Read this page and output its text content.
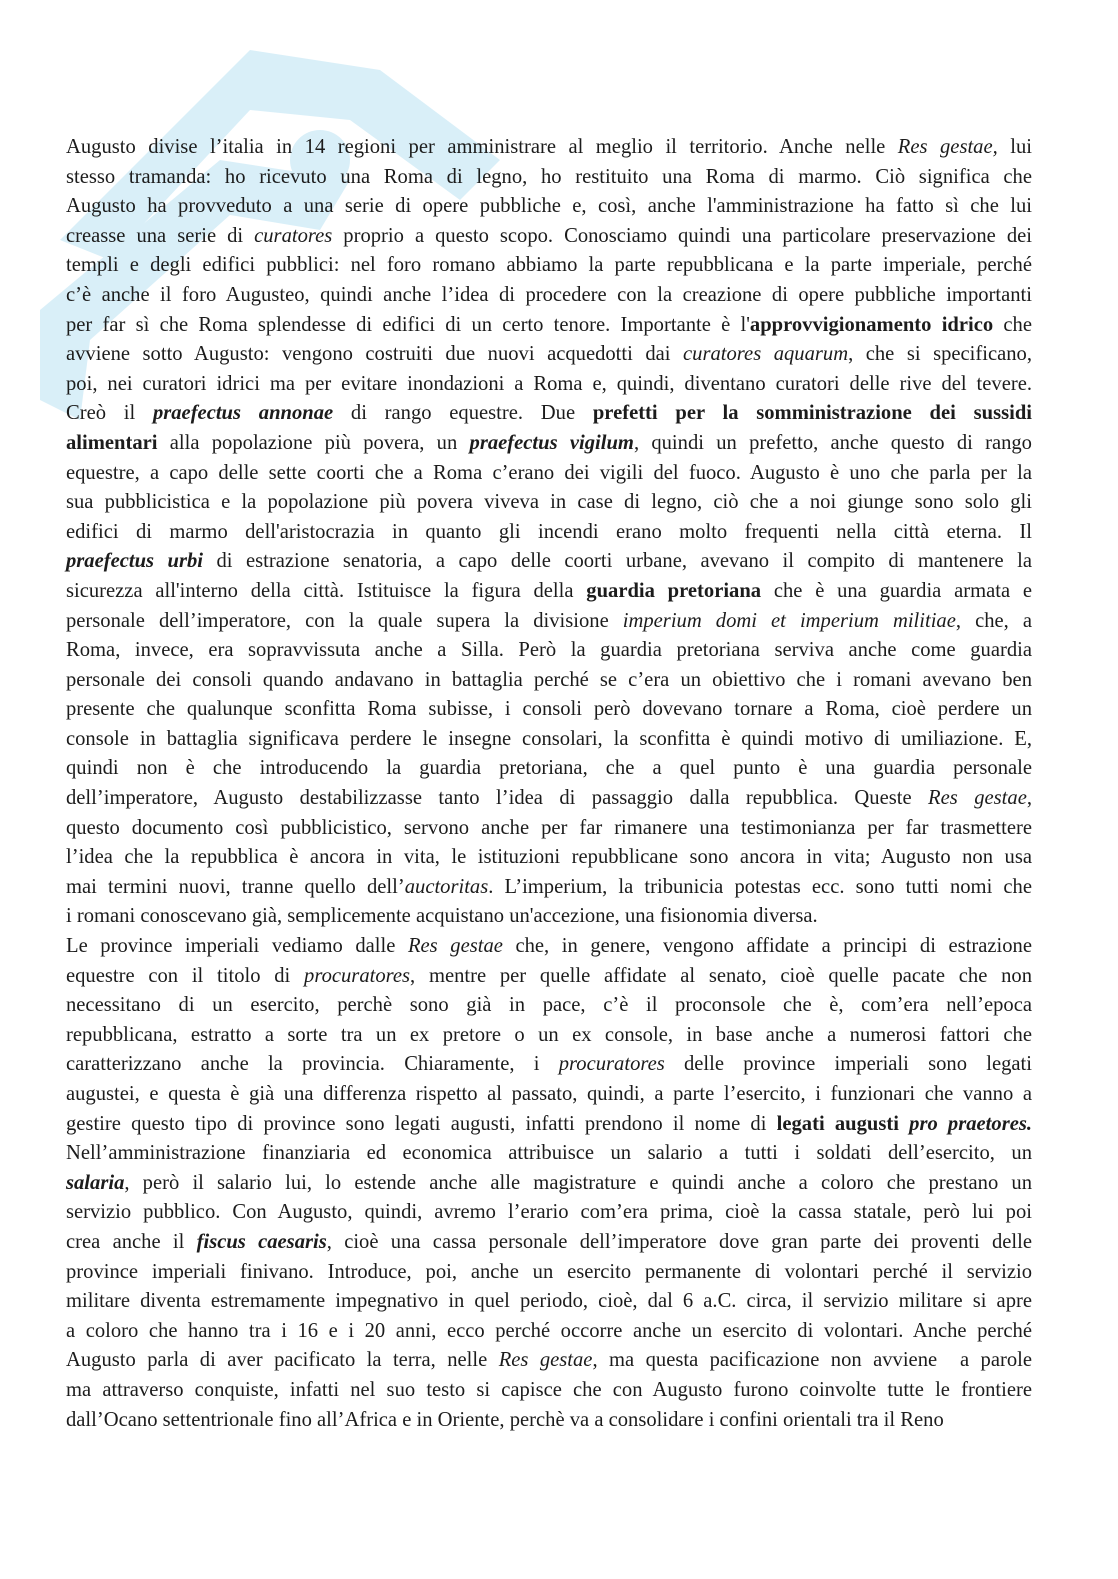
Augusto divise l’italia in 14 regioni per amministrare al meglio il territorio. Anche nelle Res gestae, lui
stesso tramanda: ho ricevuto una Roma di legno, ho restituito una Roma di marmo. Ciò significa che
Augusto ha provveduto a una serie di opere pubbliche e, così, anche l'amministrazione ha fatto sì che lui
creasse una serie di curatores proprio a questo scopo. Conosciamo quindi una particolare preservazione dei
templi e degli edifici pubblici: nel foro romano abbiamo la parte repubblicana e la parte imperiale, perché
c’è anche il foro Augusteo, quindi anche l’idea di procedere con la creazione di opere pubbliche importanti
per far sì che Roma splendesse di edifici di un certo tenore. Importante è l'approvvigionamento idrico che
avviene sotto Augusto: vengono costruiti due nuovi acquedotti dai curatores aquarum, che si specificano,
poi, nei curatori idrici ma per evitare inondazioni a Roma e, quindi, diventano curatori delle rive del tevere.
Creò il praefectus annonae di rango equestre. Due prefetti per la somministrazione dei sussidi
alimentari alla popolazione più povera, un praefectus vigilum, quindi un prefetto, anche questo di rango
equestre, a capo delle sette coorti che a Roma c’erano dei vigili del fuoco. Augusto è uno che parla per la
sua pubblicistica e la popolazione più povera viveva in case di legno, ciò che a noi giunge sono solo gli
edifici di marmo dell'aristocrazia in quanto gli incendi erano molto frequenti nella città eterna. Il
praefectus urbi di estrazione senatoria, a capo delle coorti urbane, avevano il compito di mantenere la
sicurezza all'interno della città. Istituisce la figura della guardia pretoriana che è una guardia armata e
personale dell’imperatore, con la quale supera la divisione imperium domi et imperium militiae, che, a
Roma, invece, era sopravvissuta anche a Silla. Però la guardia pretoriana serviva anche come guardia
personale dei consoli quando andavano in battaglia perché se c’era un obiettivo che i romani avevano ben
presente che qualunque sconfitta Roma subisse, i consoli però dovevano tornare a Roma, cioè perdere un
console in battaglia significava perdere le insegne consolari, la sconfitta è quindi motivo di umiliazione. E,
quindi non è che introducendo la guardia pretoriana, che a quel punto è una guardia personale
dell’imperatore, Augusto destabilizzasse tanto l’idea di passaggio dalla repubblica. Queste Res gestae,
questo documento così pubblicistico, servono anche per far rimanere una testimonianza per far trasmettere
l’idea che la repubblica è ancora in vita, le istituzioni repubblicane sono ancora in vita; Augusto non usa
mai termini nuovi, tranne quello dell’auctoritas. L’imperium, la tribunicia potestas ecc. sono tutti nomi che
i romani conoscevano già, semplicemente acquistano un'accezione, una fisionomia diversa.
Le province imperiali vediamo dalle Res gestae che, in genere, vengono affidate a principi di estrazione
equestre con il titolo di procuratores, mentre per quelle affidate al senato, cioè quelle pacate che non
necessitano di un esercito, perchè sono già in pace, c’è il proconsole che è, com’era nell’epoca
repubblicana, estratto a sorte tra un ex pretore o un ex console, in base anche a numerosi fattori che
caratterizzano anche la provincia. Chiaramente, i procuratores delle province imperiali sono legati
augustei, e questa è già una differenza rispetto al passato, quindi, a parte l’esercito, i funzionari che vanno a
gestire questo tipo di province sono legati augusti, infatti prendono il nome di legati augusti pro praetores.
Nell’amministrazione finanziaria ed economica attribuisce un salario a tutti i soldati dell’esercito, un
salaria, però il salario lui, lo estende anche alle magistrature e quindi anche a coloro che prestano un
servizio pubblico. Con Augusto, quindi, avremo l’erario com’era prima, cioè la cassa statale, però lui poi
crea anche il fiscus caesaris, cioè una cassa personale dell’imperatore dove gran parte dei proventi delle
province imperiali finivano. Introduce, poi, anche un esercito permanente di volontari perché il servizio
militare diventa estremamente impegnativo in quel periodo, cioè, dal 6 a.C. circa, il servizio militare si apre
a coloro che hanno tra i 16 e i 20 anni, ecco perché occorre anche un esercito di volontari. Anche perché
Augusto parla di aver pacificato la terra, nelle Res gestae, ma questa pacificazione non avviene  a parole
ma attraverso conquiste, infatti nel suo testo si capisce che con Augusto furono coinvolte tutte le frontiere
dall’Ocano settentrionale fino all’Africa e in Oriente, perchè va a consolidare i confini orientali tra il Reno
